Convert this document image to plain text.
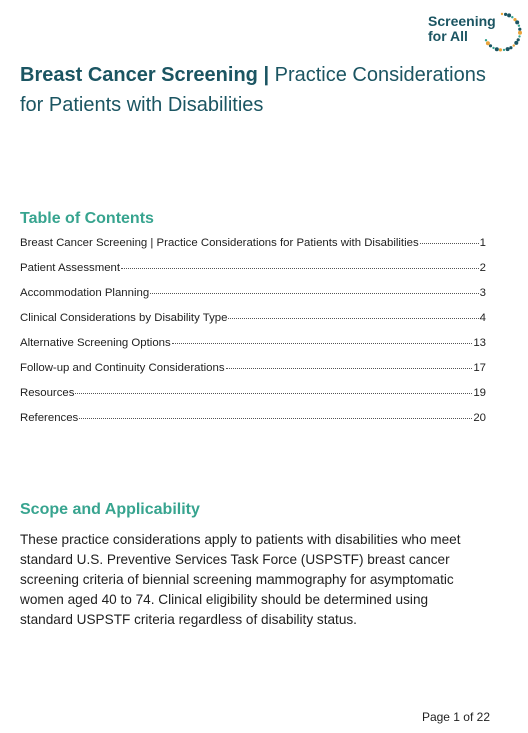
Screening
for All
Breast Cancer Screening | Practice Considerations for Patients with Disabilities
Table of Contents
Breast Cancer Screening | Practice Considerations for Patients with Disabilities	1
Patient Assessment	2
Accommodation Planning	3
Clinical Considerations by Disability Type	4
Alternative Screening Options	13
Follow-up and Continuity Considerations	17
Resources	19
References	20
Scope and Applicability

These practice considerations apply to patients with disabilities who meet standard U.S. Preventive Services Task Force (USPSTF) breast cancer screening criteria of biennial screening mammography for asymptomatic women aged 40 to 74. Clinical eligibility should be determined using standard USPSTF criteria regardless of disability status.

Page 1 of 22
